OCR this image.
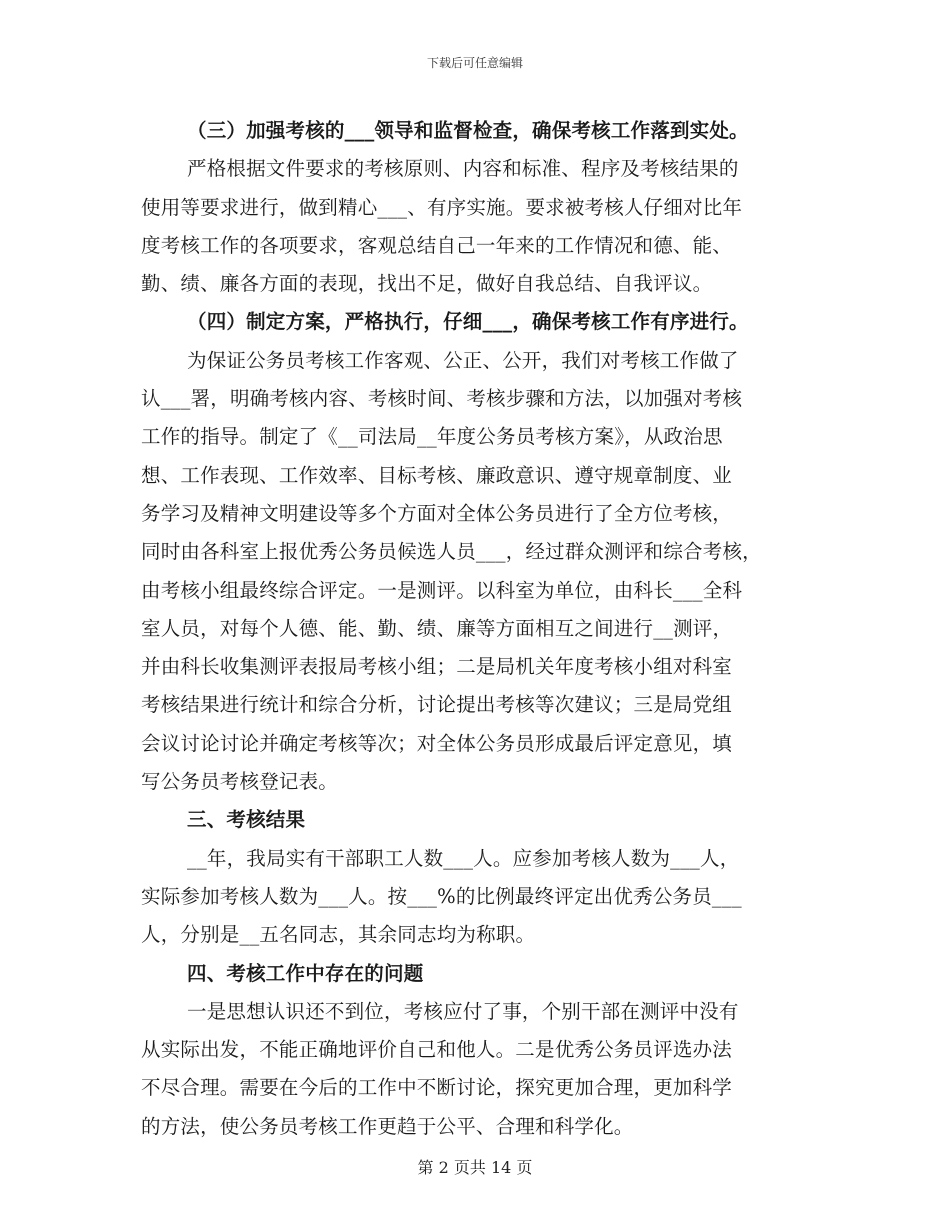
下载后可任意编辑
（三）加强考核的___领导和监督检查，确保考核工作落到实处。
严格根据文件要求的考核原则、内容和标准、程序及考核结果的
使用等要求进行，做到精心___、有序实施。要求被考核人仔细对比年
度考核工作的各项要求，客观总结自己一年来的工作情况和德、能、
勤、绩、廉各方面的表现，找出不足，做好自我总结、自我评议。
（四）制定方案，严格执行，仔细___，确保考核工作有序进行。
为保证公务员考核工作客观、公正、公开，我们对考核工作做了
认___署，明确考核内容、考核时间、考核步骤和方法，以加强对考核
工作的指导。制定了《__司法局__年度公务员考核方案》，从政治思
想、工作表现、工作效率、目标考核、廉政意识、遵守规章制度、业
务学习及精神文明建设等多个方面对全体公务员进行了全方位考核，
同时由各科室上报优秀公务员候选人员___，经过群众测评和综合考核，
由考核小组最终综合评定。一是测评。以科室为单位，由科长___全科
室人员，对每个人德、能、勤、绩、廉等方面相互之间进行__测评，
并由科长收集测评表报局考核小组；二是局机关年度考核小组对科室
考核结果进行统计和综合分析，讨论提出考核等次建议；三是局党组
会议讨论讨论并确定考核等次；对全体公务员形成最后评定意见，填
写公务员考核登记表。
三、考核结果
__年，我局实有干部职工人数___人。应参加考核人数为___人，
实际参加考核人数为___人。按___%的比例最终评定出优秀公务员___
人，分别是__五名同志，其余同志均为称职。
四、考核工作中存在的问题
一是思想认识还不到位，考核应付了事，个别干部在测评中没有
从实际出发，不能正确地评价自己和他人。二是优秀公务员评选办法
不尽合理。需要在今后的工作中不断讨论，探究更加合理，更加科学
的方法，使公务员考核工作更趋于公平、合理和科学化。
第 2 页共 14 页
